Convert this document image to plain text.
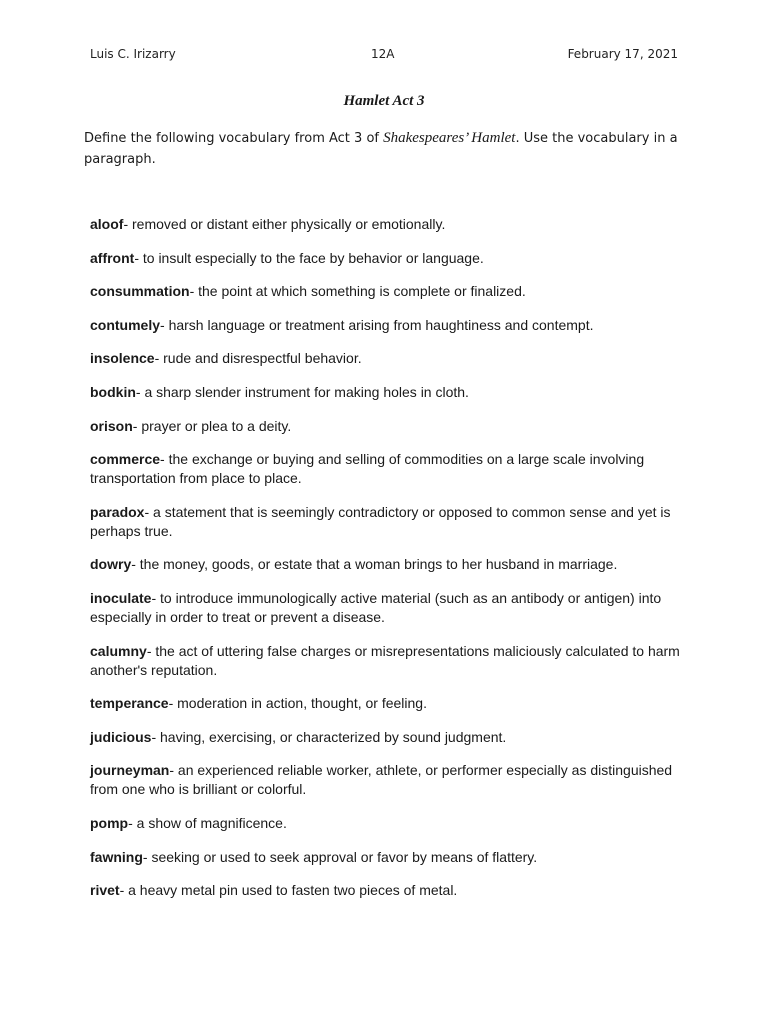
Luis C. Irizarry	12A	February 17, 2021
Hamlet Act 3
Define the following vocabulary from Act 3 of Shakespeares’ Hamlet. Use the vocabulary in a paragraph.
aloof- removed or distant either physically or emotionally.
affront- to insult especially to the face by behavior or language.
consummation- the point at which something is complete or finalized.
contumely- harsh language or treatment arising from haughtiness and contempt.
insolence- rude and disrespectful behavior.
bodkin- a sharp slender instrument for making holes in cloth.
orison- prayer or plea to a deity.
commerce- the exchange or buying and selling of commodities on a large scale involving transportation from place to place.
paradox- a statement that is seemingly contradictory or opposed to common sense and yet is perhaps true.
dowry- the money, goods, or estate that a woman brings to her husband in marriage.
inoculate- to introduce immunologically active material (such as an antibody or antigen) into especially in order to treat or prevent a disease.
calumny- the act of uttering false charges or misrepresentations maliciously calculated to harm another's reputation.
temperance- moderation in action, thought, or feeling.
judicious- having, exercising, or characterized by sound judgment.
journeyman- an experienced reliable worker, athlete, or performer especially as distinguished from one who is brilliant or colorful.
pomp- a show of magnificence.
fawning- seeking or used to seek approval or favor by means of flattery.
rivet- a heavy metal pin used to fasten two pieces of metal.
